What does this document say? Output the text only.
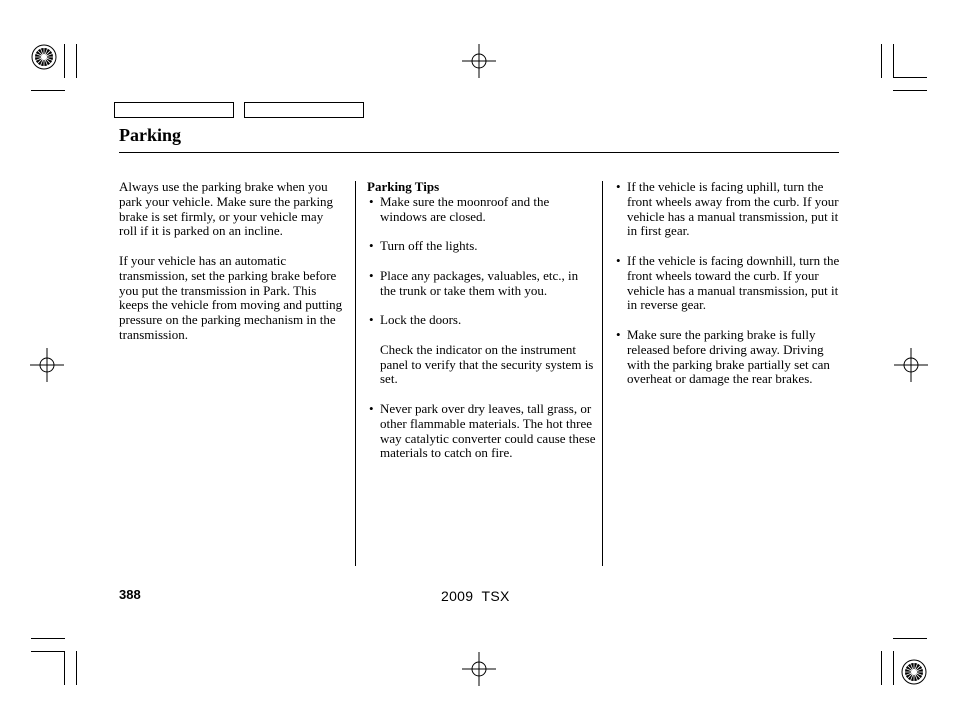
Parking

Always use the parking brake when you park your vehicle. Make sure the parking brake is set firmly, or your vehicle may roll if it is parked on an incline.

If your vehicle has an automatic transmission, set the parking brake before you put the transmission in Park. This keeps the vehicle from moving and putting pressure on the parking mechanism in the transmission.

Parking Tips

• Make sure the moonroof and the windows are closed.
• Turn off the lights.
• Place any packages, valuables, etc., in the trunk or take them with you.
• Lock the doors.

Check the indicator on the instrument panel to verify that the security system is set.

• Never park over dry leaves, tall grass, or other flammable materials. The hot three way catalytic converter could cause these materials to catch on fire.
• If the vehicle is facing uphill, turn the front wheels away from the curb. If your vehicle has a manual transmission, put it in first gear.
• If the vehicle is facing downhill, turn the front wheels toward the curb. If your vehicle has a manual transmission, put it in reverse gear.
• Make sure the parking brake is fully released before driving away. Driving with the parking brake partially set can overheat or damage the rear brakes.
388	2009  TSX
